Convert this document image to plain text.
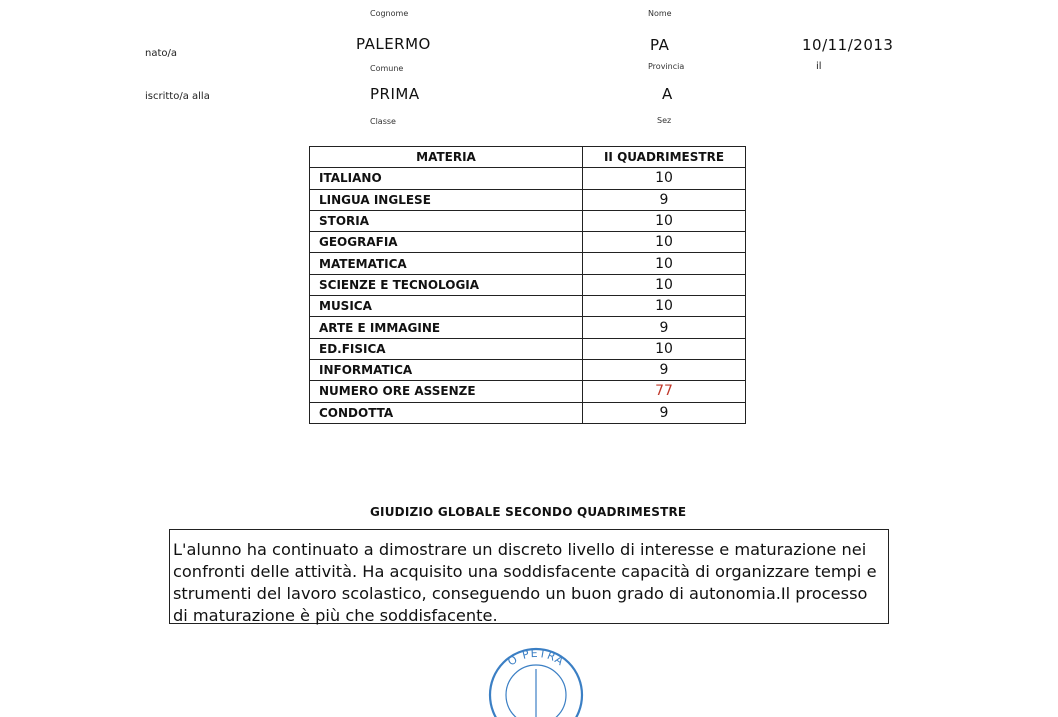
Cognome	Nome
nato/a
PALERMO	PA	10/11/2013
Comune	Provincia	il
iscritto/a alla	PRIMA	A
Classe	Sez
MATERIA	II QUADRIMESTRE
ITALIANO	10
LINGUA INGLESE	9
STORIA	10
GEOGRAFIA	10
MATEMATICA	10
SCIENZE E TECNOLOGIA	10
MUSICA	10
ARTE E IMMAGINE	9
ED.FISICA	10
INFORMATICA	9
NUMERO ORE ASSENZE	77
CONDOTTA	9
GIUDIZIO GLOBALE SECONDO QUADRIMESTRE
L'alunno ha continuato a dimostrare un discreto livello di interesse e maturazione nei confronti delle attività. Ha acquisito una soddisfacente capacità di organizzare tempi e strumenti del lavoro scolastico, conseguendo un buon grado di autonomia.Il processo di maturazione è più che soddisfacente.
O PETRA
